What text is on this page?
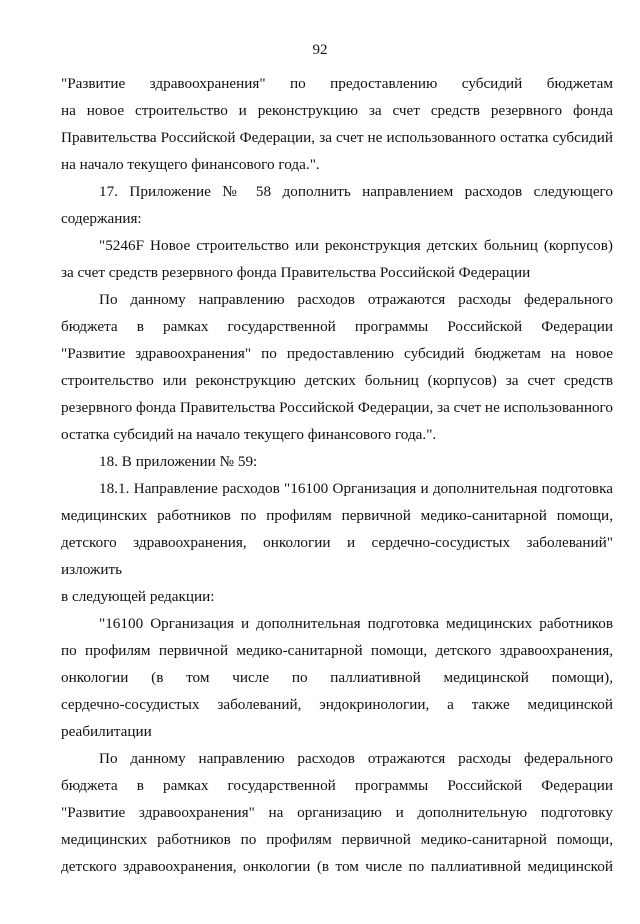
92

"Развитие здравоохранения" по предоставлению субсидий бюджетам
на новое строительство и реконструкцию за счет средств резервного фонда
Правительства Российской Федерации, за счет не использованного остатка субсидий
на начало текущего финансового года.".

17. Приложение № 58 дополнить направлением расходов следующего
содержания:

"5246F Новое строительство или реконструкция детских больниц (корпусов)
за счет средств резервного фонда Правительства Российской Федерации

По данному направлению расходов отражаются расходы федерального
бюджета в рамках государственной программы Российской Федерации
"Развитие здравоохранения" по предоставлению субсидий бюджетам на новое
строительство или реконструкцию детских больниц (корпусов) за счет средств
резервного фонда Правительства Российской Федерации, за счет не использованного
остатка субсидий на начало текущего финансового года.".

18. В приложении № 59:

18.1. Направление расходов "16100 Организация и дополнительная подготовка
медицинских работников по профилям первичной медико-санитарной помощи,
детского здравоохранения, онкологии и сердечно-сосудистых заболеваний" изложить
в следующей редакции:

"16100 Организация и дополнительная подготовка медицинских работников
по профилям первичной медико-санитарной помощи, детского здравоохранения,
онкологии (в том числе по паллиативной медицинской помощи),
сердечно-сосудистых заболеваний, эндокринологии, а также медицинской
реабилитации

По данному направлению расходов отражаются расходы федерального
бюджета в рамках государственной программы Российской Федерации
"Развитие здравоохранения" на организацию и дополнительную подготовку
медицинских работников по профилям первичной медико-санитарной помощи,
детского здравоохранения, онкологии (в том числе по паллиативной медицинской
